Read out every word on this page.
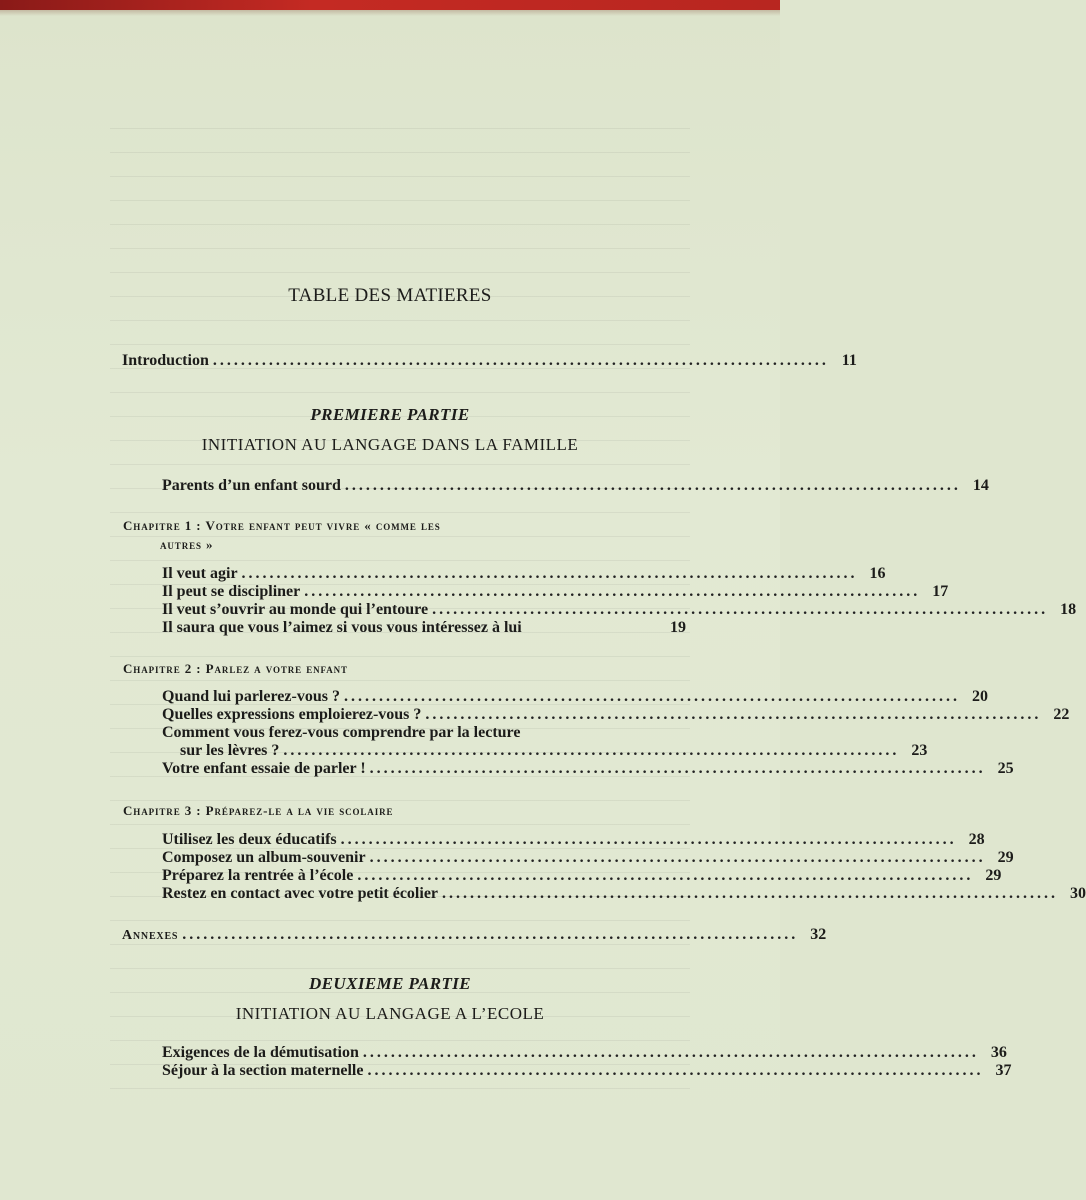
TABLE DES MATIERES
Introduction ........................................................................................ 11
PREMIERE PARTIE
INITIATION AU LANGAGE DANS LA FAMILLE
Parents d’un enfant sourd ........................................................................................ 14

Chapitre 1 : Votre enfant peut vivre « comme les

autres »

Il veut agir ........................................................................................ 16
Il peut se discipliner ........................................................................................ 17
Il veut s’ouvrir au monde qui l’entoure ........................................................................................ 18
Il saura que vous l’aimez si vous vous intéressez à lui	19

Chapitre 2 : Parlez a votre enfant

Quand lui parlerez-vous ? ........................................................................................ 20
Quelles expressions emploierez-vous ? ........................................................................................ 22
Comment vous ferez-vous comprendre par la lecture
sur les lèvres ? ........................................................................................ 23
Votre enfant essaie de parler ! ........................................................................................ 25

Chapitre 3 : Préparez-le a la vie scolaire

Utilisez les deux éducatifs ........................................................................................ 28
Composez un album-souvenir ........................................................................................ 29
Préparez la rentrée à l’école ........................................................................................ 29
Restez en contact avec votre petit écolier ........................................................................................ 30
Annexes ........................................................................................ 32
DEUXIEME PARTIE
INITIATION AU LANGAGE A L’ECOLE
Exigences de la démutisation ........................................................................................ 36
Séjour à la section maternelle ........................................................................................ 37
